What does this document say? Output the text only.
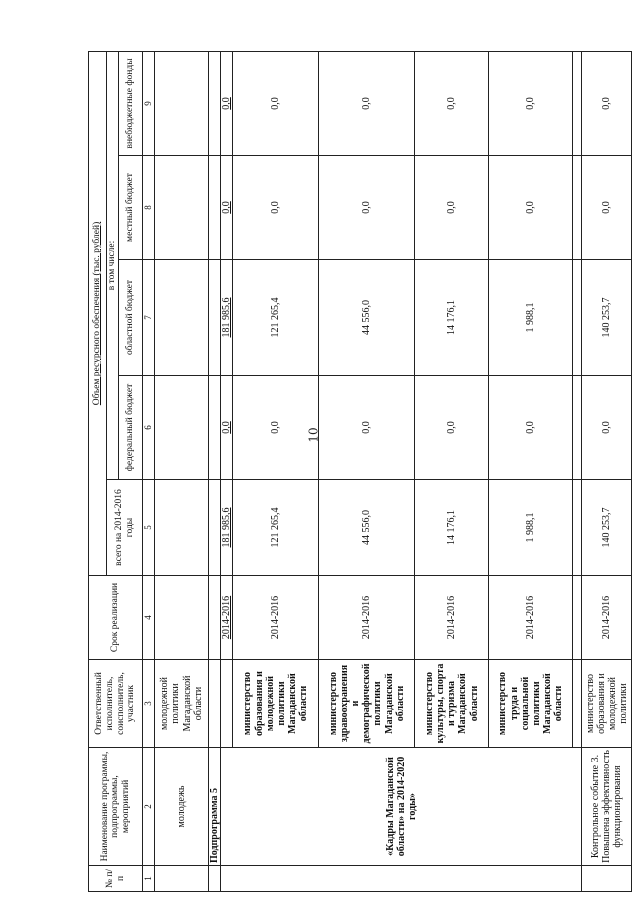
10
№ п/п	Наименование программы, подпрограммы, мероприятий	Ответственный исполнитель, соисполнитель, участник	Срок реализации	Объем ресурсного обеспечения (тыс. рублей)				
				всего на 2014-2016 годы	в том числе:			
					федеральный бюджет	областной бюджет	местный бюджет	внебюджетные фонды
1	2	3	4	5	6	7	8	9
	молодежь	молодежной политики Магаданской области						
	Подпрограмма 5							
	«Кадры Магаданской области» на 2014-2020 годы»		2014-2016	181 985,6	0,0	181 985,6	0,0	0,0
		министерство образования и молодежной политики Магаданской области	2014-2016	121 265,4	0,0	121 265,4	0,0	0,0
		министерство здравоохранения и демографической политики Магаданской области	2014-2016	44 556,0	0,0	44 556,0	0,0	0,0
		министерство культуры, спорта и туризма Магаданской области	2014-2016	14 176,1	0,0	14 176,1	0,0	0,0
		министерство труда и социальной политики Магаданской области	2014-2016	1 988,1	0,0	1 988,1	0,0	0,0

	Контрольное событие 3. Повышена эффективность функционирования	министерство образования и молодежной политики	2014-2016	140 253,7	0,0	140 253,7	0,0	0,0
